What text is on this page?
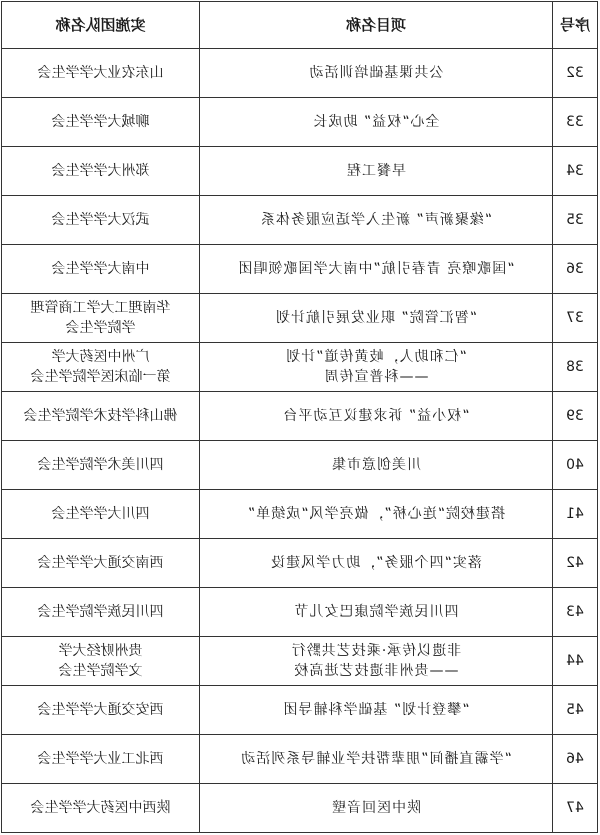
序号	项目名称	实施团队名称
32	公共课基础培训活动	山东农业大学学生会

33	全心“权益” 助成长	聊城大学学生会

34	早餐工程	郑州大学学生会

35	“缘聚新声” 新生入学适应服务体系	武汉大学学生会

36	“国歌嘹亮 青春引航”中南大学国歌领唱团	中南大学学生会

37	“智汇管院” 职业发展引航计划	华南理工大学工商管理
学院学生会

38	“仁和助人，岐黄传道”计划
——科普宣传周	广州中医药大学
第一临床医学院学生会

39	“权小益” 诉求建议互动平台	佛山科学技术学院学生会

40	川美创意市集	四川美术学院学生会

41	搭建校院“连心桥”，做亮学风“成绩单”	四川大学学生会

42	落实“四个服务”，助力学风建设	西南交通大学学生会

43	四川民族学院康巴女儿节	四川民族学院学生会

44	非遗以传承·乘技艺共黔行
——贵州非遗技艺进高校	贵州财经大学
文学院学生会

45	“攀登计划” 基础学科辅导团	西安交通大学学生会

46	“学霸直播间”朋辈帮扶学业辅导系列活动	西北工业大学学生会

47	陕中医回音壁	陕西中医药大学学生会
